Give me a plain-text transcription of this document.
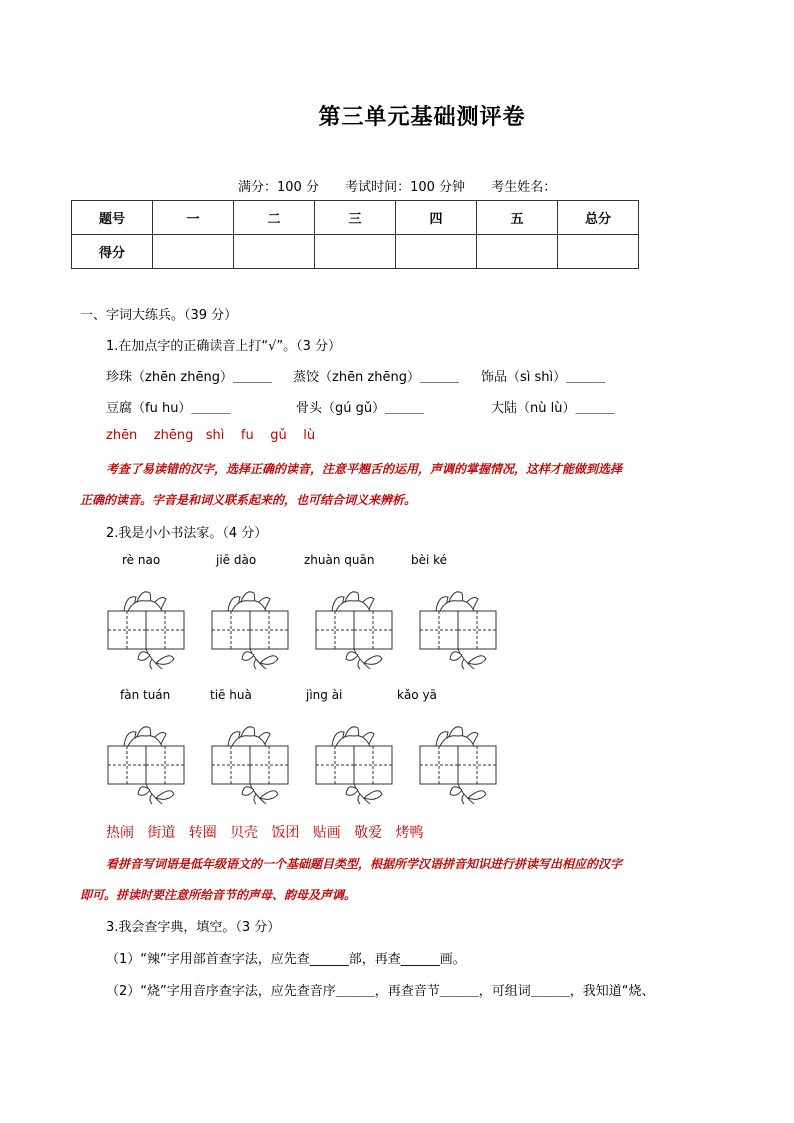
第三单元基础测评卷
满分：100 分 考试时间：100 分钟 考生姓名：
题号	一	二	三	四	五	总分
得分						
一、字词大练兵。（39 分）
1.在加点字的正确读音上打“√”。（3 分）
珍珠（zhēn zhēng）＿＿＿ 蒸饺（zhēn zhēng）＿＿＿ 饰品（sì shì）＿＿＿
豆腐（fu hu）＿＿＿	骨头（gú gǔ）＿＿＿	大陆（nù lù）＿＿＿
zhēn    zhēng   shì    fu    gǔ    lù
考查了易读错的汉字，选择正确的读音，注意平翘舌的运用，声调的掌握情况，这样才能做到选择
正确的读音。字音是和词义联系起来的，也可结合词义来辨析。
2.我是小小书法家。（4 分）
rè nao	jiē dào	zhuàn quān	bèi ké
fàn tuán	tiē huà	jìng ài	kǎo yā
热闹   街道   转圈   贝壳   饭团   贴画   敬爱   烤鸭
看拼音写词语是低年级语文的一个基础题目类型，根据所学汉语拼音知识进行拼读写出相应的汉字
即可。拼读时要注意所给音节的声母、韵母及声调。
3.我会查字典，填空。（3 分）
（1）“辣”字用部首查字法，应先查______部，再查______画。
（2）“烧”字用音序查字法，应先查音序＿＿＿，再查音节＿＿＿，可组词＿＿＿，我知道“烧、
